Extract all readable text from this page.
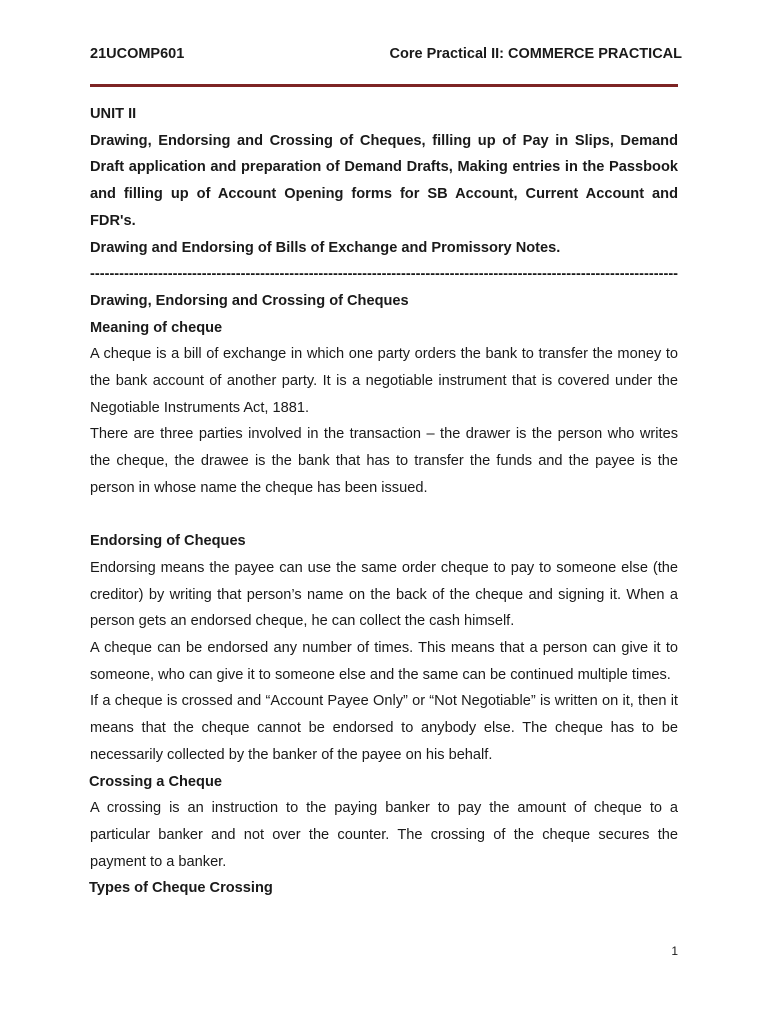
21UCOMP601	Core Practical II: COMMERCE PRACTICAL

UNIT II

Drawing, Endorsing and Crossing of Cheques, filling up of Pay in Slips, Demand Draft application and preparation of Demand Drafts, Making entries in the Passbook and filling up of Account Opening forms for SB Account, Current Account and FDR's.

Drawing and Endorsing of Bills of Exchange and Promissory Notes.

-------------------------------------------------------------------------------------------------------------------------

Drawing, Endorsing and Crossing of Cheques

Meaning of cheque

A cheque is a bill of exchange in which one party orders the bank to transfer the money to the bank account of another party. It is a negotiable instrument that is covered under the Negotiable Instruments Act, 1881.

There are three parties involved in the transaction – the drawer is the person who writes the cheque, the drawee is the bank that has to transfer the funds and the payee is the person in whose name the cheque has been issued.

Endorsing of Cheques

Endorsing means the payee can use the same order cheque to pay to someone else (the creditor) by writing that person’s name on the back of the cheque and signing it. When a person gets an endorsed cheque, he can collect the cash himself.

A cheque can be endorsed any number of times. This means that a person can give it to someone, who can give it to someone else and the same can be continued multiple times.

If a cheque is crossed and “Account Payee Only” or “Not Negotiable” is written on it, then it means that the cheque cannot be endorsed to anybody else. The cheque has to be necessarily collected by the banker of the payee on his behalf.

Crossing a Cheque

A crossing is an instruction to the paying banker to pay the amount of cheque to a particular banker and not over the counter. The crossing of the cheque secures the payment to a banker.

Types of Cheque Crossing

1
